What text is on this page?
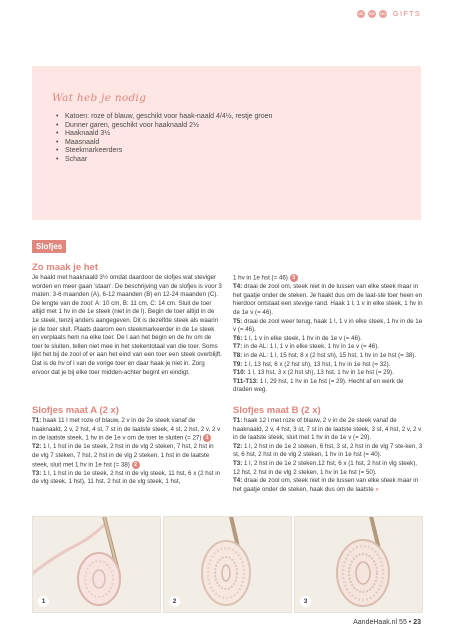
NE	BR	NO GIFTS
Wat heb je nodig
• Katoen: roze of blauw, geschikt voor haak-naald 4/4½, restje groen
• Dunner garen, geschikt voor haaknaald 2½
• Haaknaald 3½
• Maasnaald
• Steekmarkeerders
• Schaar
Slofjes
Zo maak je het

Je haakt met haaknaald 3½ omdat daardoor de slofjes wat steviger worden en meer gaan 'staan'. De beschrijving van de slofjes is voor 3 maten: 3-6 maanden (A), 6-12 maanden (B) en 12-24 maanden (C). De lengte van de zool: A: 10 cm, B: 11 cm, C: 14 cm. Sluit de toer altijd met 1 hv in de 1e steek (niet in de l). Begin de toer altijd in de 1e steek, tenzij anders aangegeven. Dit is dezelfde steek als waarin je de toer sluit. Plaats daarom een steekmarkeerder in de 1e steek en verplaats hem na elke toer. De l aan het begin en de hv om de toer te sluiten, tellen niet mee in het stekentotaal van die toer. Soms lijkt het bij de zool of er aan het eind van een toer een steek overblijft. Dat is de hv of l van de vorige toer en daar haak je niet in. Zorg ervoor dat je bij elke toer midden-achter begint en eindigt.

Slofjes maat A (2 x)

T1: haak 11 l met roze of blauw, 2 v in de 2e steek vanaf de haaknaald, 2 v, 2 hst, 4 st, 7 st in de laatste steek, 4 st, 2 hst, 2 v, 2 v in de laatste steek, 1 hv in de 1e v om de toer te sluiten (= 27) 1

T2: 1 l, 1 hst in de 1e steek, 2 hst in de vlg 2 steken, 7 hst, 2 hst in de vlg 7 steken, 7 hst, 2 hst in de vlg 2 steken, 1 hst in de laatste steek, sluit met 1 hv in 1e hst (= 38) 2

T3: 1 l, 1 hst in de 1e steek, 2 hst in de vlg steek, 11 hst, 6 x (2 hst in de vlg steek, 1 hst), 11 hst, 2 hst in de vlg steek, 1 hst,

1 hv in 1e hst (= 46) 3

T4: draai de zool om, steek niet in de lussen van elke steek maar in het gaatje onder de steken. Je haakt dus om de laat-ste toer heen en hierdoor ontstaat een stevige rand. Haak 1 l, 1 v in elke steek, 1 hv in de 1e v (= 46).

T5: draai de zool weer terug, haak 1 l, 1 v in elke steek, 1 hv in de 1e v (= 46).

T6: 1 l, 1 v in elke steek, 1 hv in de 1e v (= 46).

T7: in de AL: 1 l, 1 v in elke steek, 1 hv in 1e v (= 46).

T8: in de AL: 1 l, 15 hst, 8 x (2 hst sh), 15 hst, 1 hv in 1e hst (= 38).

T9: 1 l, 13 hst, 6 x (2 hst sh), 13 hst, 1 hv in 1e hst (= 32).

T10: 1 l, 13 hst, 3 x (2 hst sh), 13 hst, 1 hv in 1e hst (= 29).

T11-T13: 1 l, 29 hst, 1 hv in 1e hst (= 29). Hecht af en werk de draden weg.

Slofjes maat B (2 x)

T1: haak 12 l met roze of blauw, 2 v in de 2e steek vanaf de haaknaald, 2 v, 4 hst, 3 st, 7 st in de laatste steek, 3 st, 4 hst, 2 v, 2 v in de laatste steek, sluit met 1 hv in de 1e v (= 29).

T2: 1 l, 2 hst in de 1e 2 steken, 6 hst, 3 st, 2 hst in de vlg 7 ste-ken, 3 st, 6 hst, 2 hst in de vlg 2 steken, 1 hv in 1e hst (= 40).

T3: 1 l, 2 hst in de 1e 2 steken,12 hst, 6 x (1 hst, 2 hst in vlg steek), 12 hst, 2 hst in de vlg 2 steken, 1 hv in 1e hst (= 50).

T4: draai de zool om, steek niet in de lussen van elke steek maar in het gaatje onder de steken, haak dus om de laatste »

1	2	3
AandeHaak.nl 55 • 23
